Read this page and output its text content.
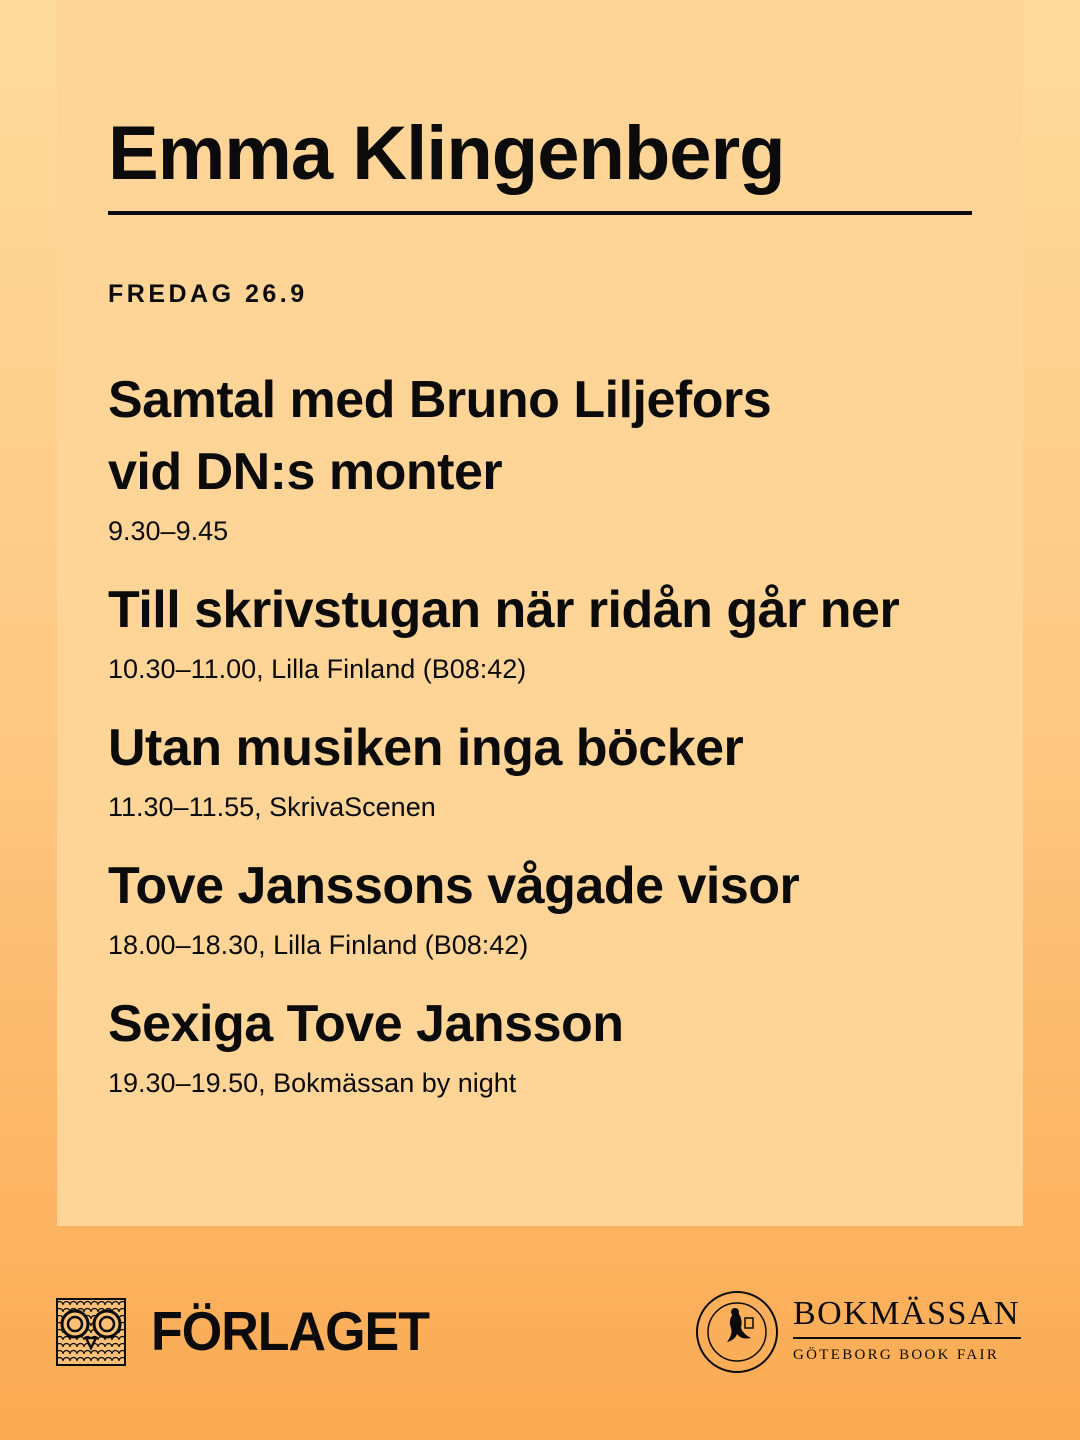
Emma Klingenberg
FREDAG 26.9
Samtal med Bruno Liljefors vid DN:s monter
9.30–9.45
Till skrivstugan när ridån går ner
10.30–11.00, Lilla Finland (B08:42)
Utan musiken inga böcker
11.30–11.55, SkrivaScenen
Tove Janssons vågade visor
18.00–18.30, Lilla Finland (B08:42)
Sexiga Tove Jansson
19.30–19.50, Bokmässan by night
FÖRLAGET	BOKMÄSSAN
GÖTEBORG BOOK FAIR
